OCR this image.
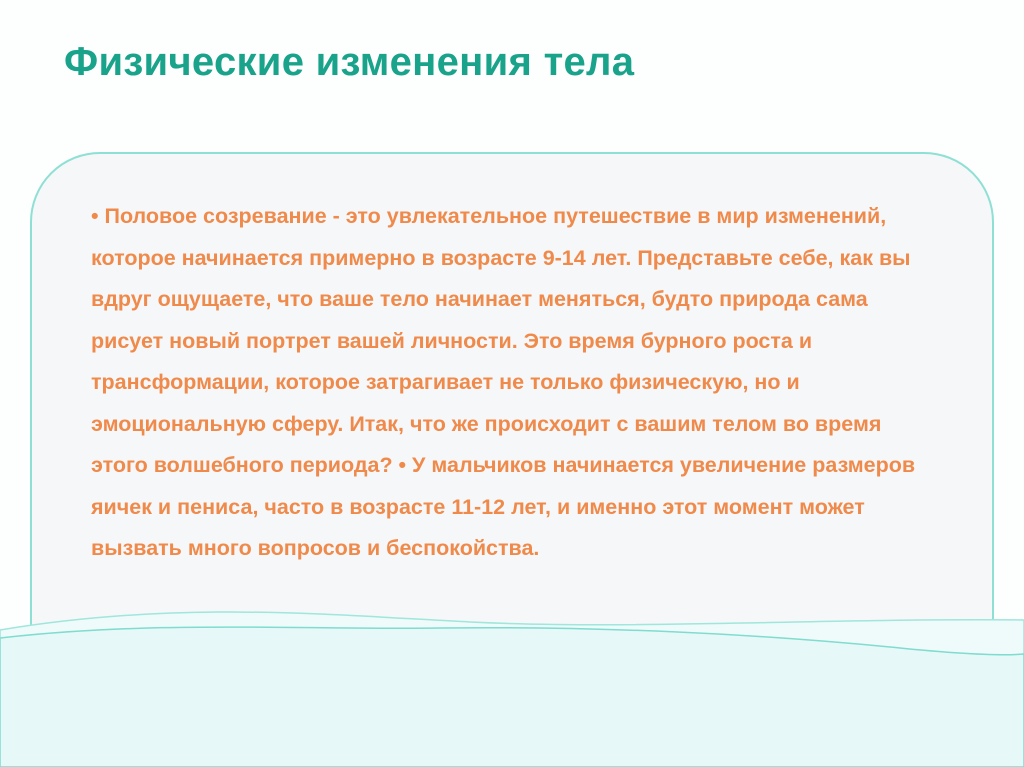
Физические изменения тела

• Половое созревание - это увлекательное путешествие в мир изменений, которое начинается примерно в возрасте 9-14 лет. Представьте себе, как вы вдруг ощущаете, что ваше тело начинает меняться, будто природа сама рисует новый портрет вашей личности. Это время бурного роста и трансформации, которое затрагивает не только физическую, но и эмоциональную сферу. Итак, что же происходит с вашим телом во время этого волшебного периода? • У мальчиков начинается увеличение размеров яичек и пениса, часто в возрасте 11-12 лет, и именно этот момент может вызвать много вопросов и беспокойства.
